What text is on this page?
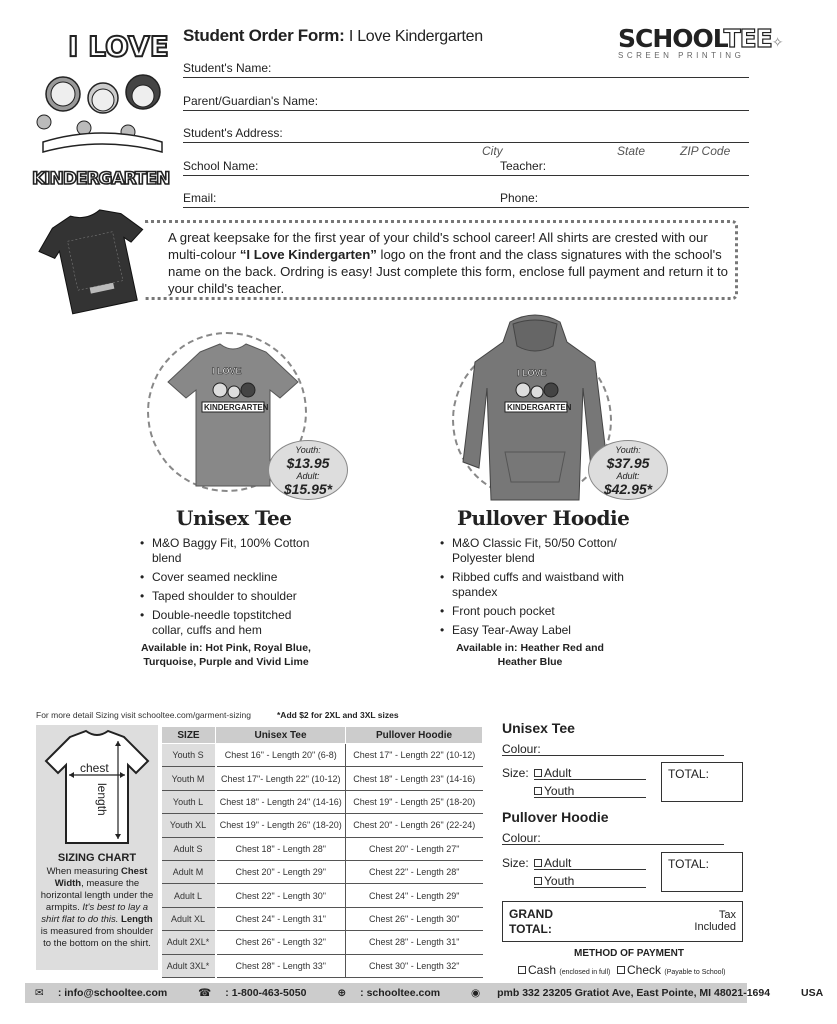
I LOVE
KINDERGARTEN
Student Order Form: I Love Kindergarten	SCHOOLTEE✧
SCREEN PRINTING
Student's Name:
Parent/Guardian's Name:
Student's Address:
City	State	ZIP Code
School Name:	Teacher:
Email:	Phone:
A great keepsake for the first year of your child's school career! All shirts are crested with our multi-colour “I Love Kindergarten” logo on the front and the class signatures with the school's name on the back. Ordring is easy! Just complete this form, enclose full payment and return it to your child's teacher.
I LOVE
KINDERGARTEN
Youth:
$13.95
Adult:
$15.95*
Unisex Tee
• M&O Baggy Fit, 100% Cotton blend
• Cover seamed neckline
• Taped shoulder to shoulder
• Double-needle topstitched collar, cuffs and hem
Available in: Hot Pink, Royal Blue, Turquoise, Purple and Vivid Lime
I LOVE
KINDERGARTEN
Youth:
$37.95
Adult:
$42.95*
Pullover Hoodie
• M&O Classic Fit, 50/50 Cotton/ Polyester blend
• Ribbed cuffs and waistband with spandex
• Front pouch pocket
• Easy Tear-Away Label
Available in: Heather Red and Heather Blue
For more detail Sizing visit schooltee.com/garment-sizing	*Add $2 for 2XL and 3XL sizes
chest
length
SIZING CHART
When measuring Chest Width, measure the horizontal length under the armpits. It's best to lay a shirt flat to do this. Length is measured from shoulder to the bottom on the shirt.
SIZE	Unisex Tee	Pullover Hoodie
Youth S	Chest 16" - Length 20" (6-8)	Chest 17" - Length 22" (10-12)
Youth M	Chest 17"- Length 22" (10-12)	Chest 18" - Length 23" (14-16)
Youth L	Chest 18" - Length 24" (14-16)	Chest 19" - Length 25" (18-20)
Youth XL	Chest 19" - Length 26" (18-20)	Chest 20" - Length 26" (22-24)
Adult S	Chest 18" - Length 28"	Chest 20" - Length 27"
Adult M	Chest 20" - Length 29"	Chest 22" - Length 28"
Adult L	Chest 22" - Length 30"	Chest 24" - Length 29"
Adult XL	Chest 24" - Length 31"	Chest 26" - Length 30"
Adult 2XL*	Chest 26" - Length 32"	Chest 28" - Length 31"
Adult 3XL*	Chest 28" - Length 33"	Chest 30" - Length 32"
Unisex Tee
Colour:
Size:	Adult
Youth
TOTAL:
Pullover Hoodie
Colour:
Size:	Adult
Youth
TOTAL:
GRAND TOTAL:
Tax Included
METHOD OF PAYMENT
Cash (enclosed in full) Check (Payable to School)
✉ : info@schooltee.com	☎ : 1-800-463-5050	⊕ : schooltee.com	◉ pmb 332 23205 Gratiot Ave, East Pointe, MI 48021-1694	USA
